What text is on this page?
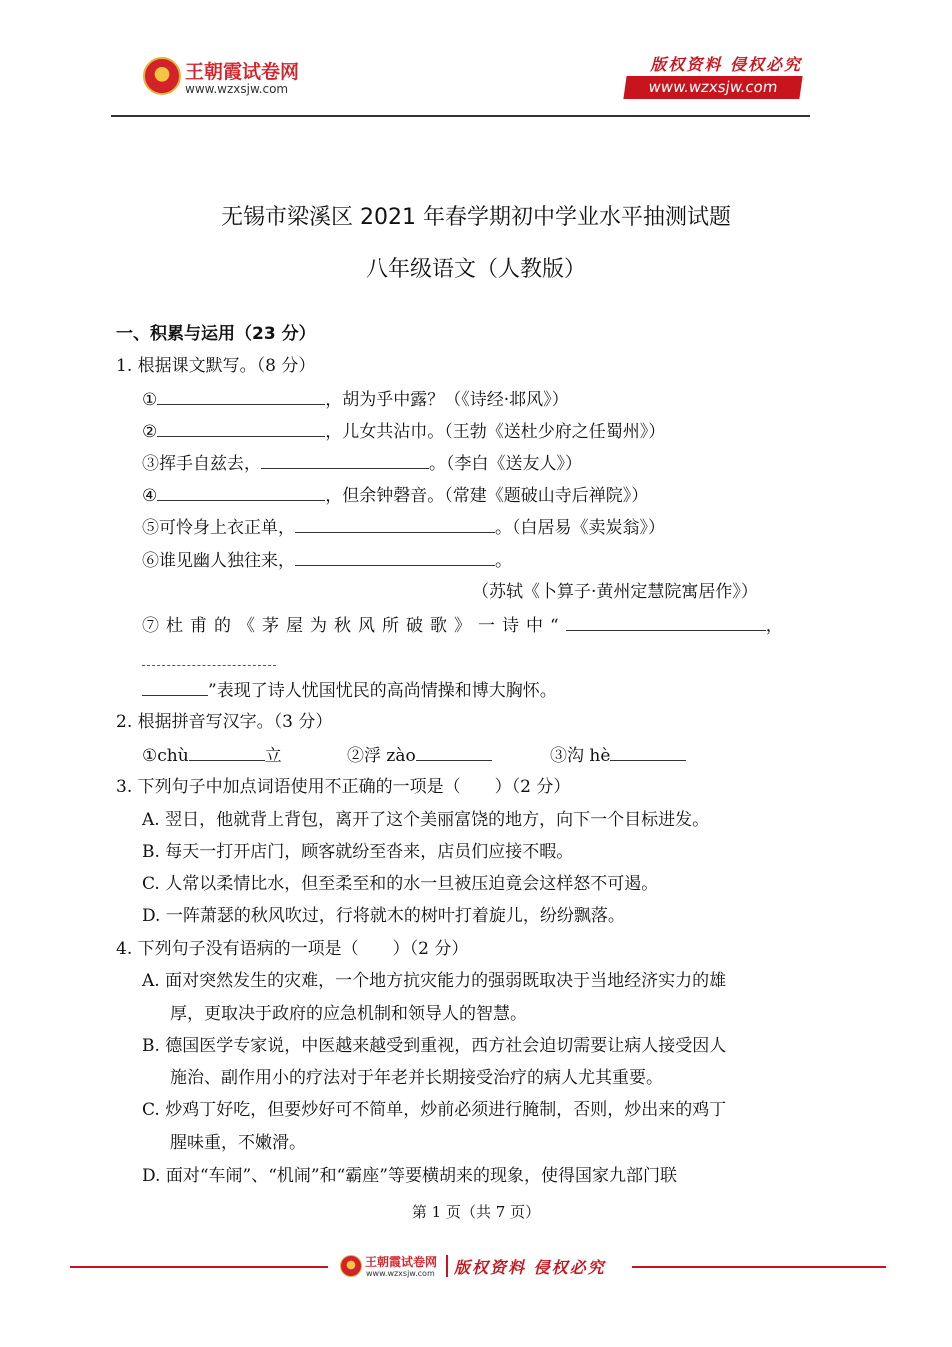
王朝霞试卷网
www.wzxsjw.com
版权资料 侵权必究
www.wzxsjw.com
无锡市梁溪区 2021 年春学期初中学业水平抽测试题
八年级语文（人教版）
一、积累与运用（23 分）
1. 根据课文默写。（8 分）
①	，胡为乎中露？（《诗经·邶风》）
②	，儿女共沾巾。（王勃《送杜少府之任蜀州》）
③挥手自兹去，	。（李白《送友人》）
④	，但余钟磬音。（常建《题破山寺后禅院》）
⑤可怜身上衣正单，	。（白居易《卖炭翁》）
⑥谁见幽人独往来，	。
（苏轼《卜算子·黄州定慧院寓居作》）
⑦杜甫的《茅屋为秋风所破歌》一诗中“	，
”表现了诗人忧国忧民的高尚情操和博大胸怀。
2. 根据拼音写汉字。（3 分）
①chù	立	②浮 zào	③沟 hè
3. 下列句子中加点词语使用不正确的一项是（　　）（2 分）
A. 翌日，他就背上背包，离开了这个美丽富饶的地方，向下一个目标进发。
B. 每天一打开店门，顾客就纷至沓来，店员们应接不暇。
C. 人常以柔情比水，但至柔至和的水一旦被压迫竟会这样怒不可遏。
D. 一阵萧瑟的秋风吹过，行将就木的树叶打着旋儿，纷纷飘落。
4. 下列句子没有语病的一项是（　　）（2 分）
A. 面对突然发生的灾难，一个地方抗灾能力的强弱既取决于当地经济实力的雄
厚，更取决于政府的应急机制和领导人的智慧。
B. 德国医学专家说，中医越来越受到重视，西方社会迫切需要让病人接受因人
施治、副作用小的疗法对于年老并长期接受治疗的病人尤其重要。
C. 炒鸡丁好吃，但要炒好可不简单，炒前必须进行腌制，否则，炒出来的鸡丁
腥味重，不嫩滑。
D. 面对“车闹”、“机闹”和“霸座”等要横胡来的现象，使得国家九部门联
第 1 页（共 7 页）
王朝霞试卷网
www.wzxsjw.com 版权资料 侵权必究
